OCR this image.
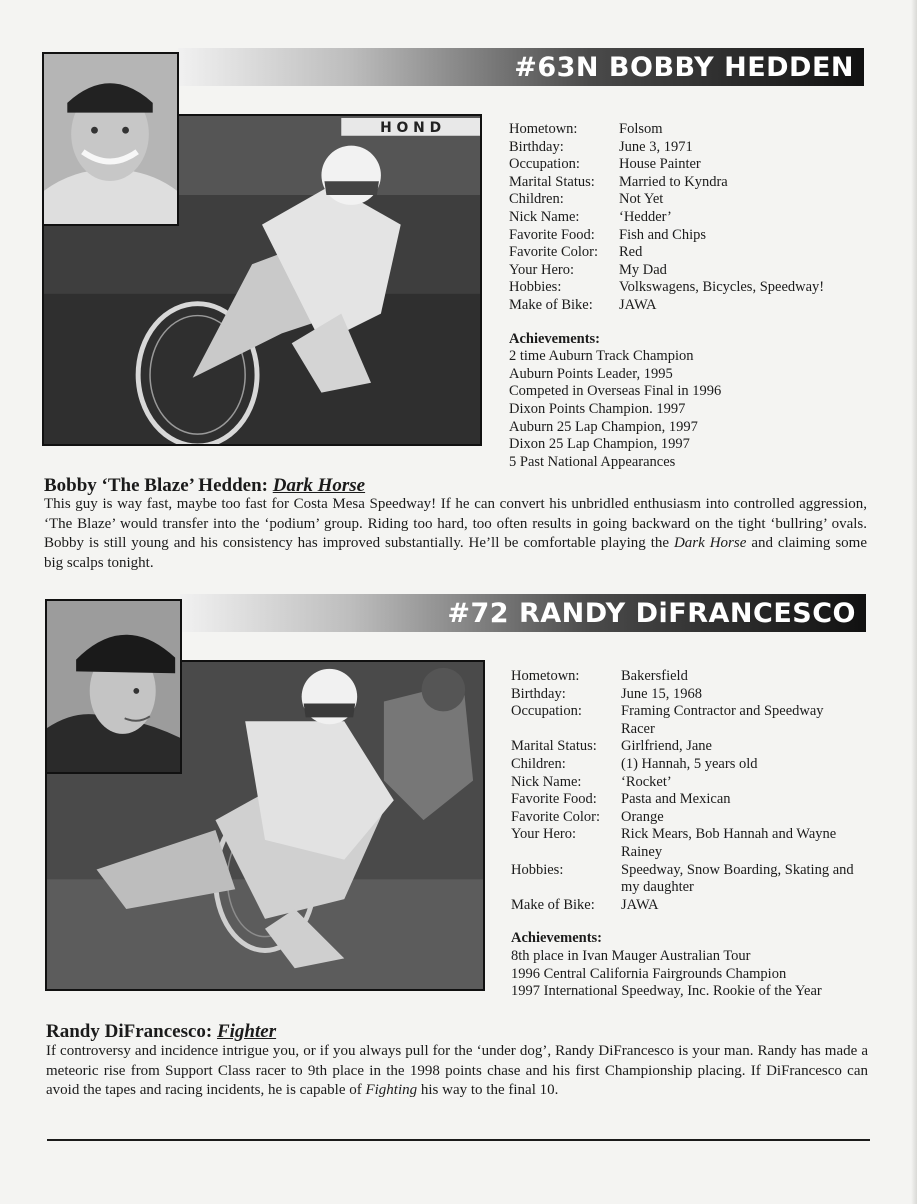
#63N BOBBY HEDDEN
H O N D	Hometown:	Folsom
Birthday:	June 3, 1971
Occupation:	House Painter
Marital Status:	Married to Kyndra
Children:	Not Yet
Nick Name:	‘Hedder’
Favorite Food:	Fish and Chips
Favorite Color:	Red
Your Hero:	My Dad
Hobbies:	Volkswagens, Bicycles, Speedway!
Make of Bike:	JAWA
Achievements:
2 time Auburn Track Champion
Auburn Points Leader, 1995
Competed in Overseas Final in 1996
Dixon Points Champion. 1997
Auburn 25 Lap Champion, 1997
Dixon 25 Lap Champion, 1997
5 Past National Appearances
Bobby ‘The Blaze’ Hedden: Dark Horse
This guy is way fast, maybe too fast for Costa Mesa Speedway! If he can convert his unbridled enthusiasm into controlled aggression, ‘The Blaze’ would transfer into the ‘podium’ group. Riding too hard, too often results in going backward on the tight ‘bullring’ ovals. Bobby is still young and his consistency has improved substantially. He’ll be comfortable playing the Dark Horse and claiming some big scalps tonight.
#72 RANDY DiFRANCESCO
Hometown:	Bakersfield
Birthday:	June 15, 1968
Occupation:	Framing Contractor and Speedway Racer
Marital Status:	Girlfriend, Jane
Children:	(1) Hannah, 5 years old
Nick Name:	‘Rocket’
Favorite Food:	Pasta and Mexican
Favorite Color:	Orange
Your Hero:	Rick Mears, Bob Hannah and Wayne Rainey
Hobbies:	Speedway, Snow Boarding, Skating and my daughter
Make of Bike:	JAWA
Achievements:
8th place in Ivan Mauger Australian Tour
1996 Central California Fairgrounds Champion
1997 International Speedway, Inc. Rookie of the Year
Randy DiFrancesco: Fighter
If controversy and incidence intrigue you, or if you always pull for the ‘under dog’, Randy DiFrancesco is your man. Randy has made a meteoric rise from Support Class racer to 9th place in the 1998 points chase and his first Championship placing. If DiFrancesco can avoid the tapes and racing incidents, he is capable of Fighting his way to the final 10.
